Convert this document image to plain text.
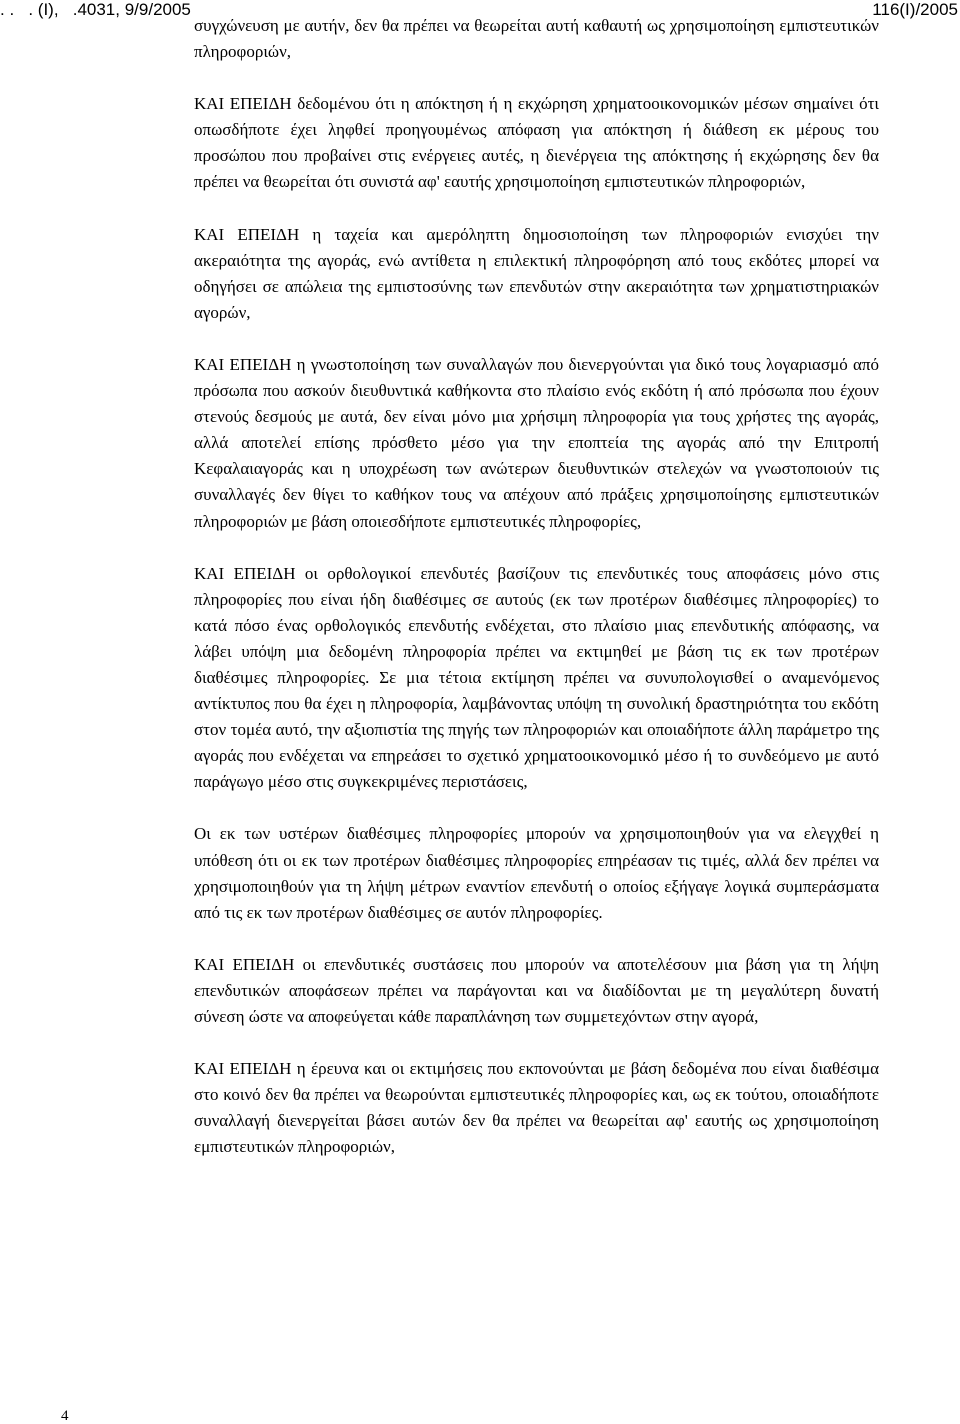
. .   . (Ι),   .4031, 9/9/2005	116(Ι)/2005

συγχώνευση με αυτήν, δεν θα πρέπει να θεωρείται αυτή καθαυτή ως χρησιμοποίηση εμπιστευτικών πληροφοριών,

ΚΑΙ ΕΠΕΙΔΗ δεδομένου ότι η απόκτηση ή η εκχώρηση χρηματοοικονομικών μέσων σημαίνει ότι οπωσδήποτε έχει ληφθεί προηγουμένως απόφαση για απόκτηση ή διάθεση εκ μέρους του προσώπου που προβαίνει στις ενέργειες αυτές, η διενέργεια της απόκτησης ή εκχώρησης δεν θα πρέπει να θεωρείται ότι συνιστά αφ' εαυτής χρησιμοποίηση εμπιστευτικών πληροφοριών,

ΚΑΙ ΕΠΕΙΔΗ η ταχεία και αμερόληπτη δημοσιοποίηση των πληροφοριών ενισχύει την ακεραιότητα της αγοράς, ενώ αντίθετα η επιλεκτική πληροφόρηση από τους εκδότες μπορεί να οδηγήσει σε απώλεια της εμπιστοσύνης των επενδυτών στην ακεραιότητα των χρηματιστηριακών αγορών,

ΚΑΙ ΕΠΕΙΔΗ η γνωστοποίηση των συναλλαγών που διενεργούνται για δικό τους λογαριασμό από πρόσωπα που ασκούν διευθυντικά καθήκοντα στο πλαίσιο ενός εκδότη ή από πρόσωπα που έχουν στενούς δεσμούς με αυτά, δεν είναι μόνο μια χρήσιμη πληροφορία για τους χρήστες της αγοράς, αλλά αποτελεί επίσης πρόσθετο μέσο για την εποπτεία της αγοράς από την Επιτροπή Κεφαλαιαγοράς και η υποχρέωση των ανώτερων διευθυντικών στελεχών να γνωστοποιούν τις συναλλαγές δεν θίγει το καθήκον τους να απέχουν από πράξεις χρησιμοποίησης εμπιστευτικών πληροφοριών με βάση οποιεσδήποτε εμπιστευτικές πληροφορίες,

ΚΑΙ ΕΠΕΙΔΗ οι ορθολογικοί επενδυτές βασίζουν τις επενδυτικές τους αποφάσεις μόνο στις πληροφορίες που είναι ήδη διαθέσιμες σε αυτούς (εκ των προτέρων διαθέσιμες πληροφορίες) το κατά πόσο ένας ορθολογικός επενδυτής ενδέχεται, στο πλαίσιο μιας επενδυτικής απόφασης, να λάβει υπόψη μια δεδομένη πληροφορία πρέπει να εκτιμηθεί με βάση τις εκ των προτέρων διαθέσιμες πληροφορίες. Σε μια τέτοια εκτίμηση πρέπει να συνυπολογισθεί ο αναμενόμενος αντίκτυπος που θα έχει η πληροφορία, λαμβάνοντας υπόψη τη συνολική δραστηριότητα του εκδότη στον τομέα αυτό, την αξιοπιστία της πηγής των πληροφοριών και οποιαδήποτε άλλη παράμετρο της αγοράς που ενδέχεται να επηρεάσει το σχετικό χρηματοοικονομικό μέσο ή το συνδεόμενο με αυτό παράγωγο μέσο στις συγκεκριμένες περιστάσεις,

Οι εκ των υστέρων διαθέσιμες πληροφορίες μπορούν να χρησιμοποιηθούν για να ελεγχθεί η υπόθεση ότι οι εκ των προτέρων διαθέσιμες πληροφορίες επηρέασαν τις τιμές, αλλά δεν πρέπει να χρησιμοποιηθούν για τη λήψη μέτρων εναντίον επενδυτή ο οποίος εξήγαγε λογικά συμπεράσματα από τις εκ των προτέρων διαθέσιμες σε αυτόν πληροφορίες.

ΚΑΙ ΕΠΕΙΔΗ οι επενδυτικές συστάσεις που μπορούν να αποτελέσουν μια βάση για τη λήψη επενδυτικών αποφάσεων πρέπει να παράγονται και να διαδίδονται με τη μεγαλύτερη δυνατή σύνεση ώστε να αποφεύγεται κάθε παραπλάνηση των συμμετεχόντων στην αγορά,

ΚΑΙ ΕΠΕΙΔΗ η έρευνα και οι εκτιμήσεις που εκπονούνται με βάση δεδομένα που είναι διαθέσιμα στο κοινό δεν θα πρέπει να θεωρούνται εμπιστευτικές πληροφορίες και, ως εκ τούτου, οποιαδήποτε συναλλαγή διενεργείται βάσει αυτών δεν θα πρέπει να θεωρείται αφ' εαυτής ως χρησιμοποίηση εμπιστευτικών πληροφοριών,

4
